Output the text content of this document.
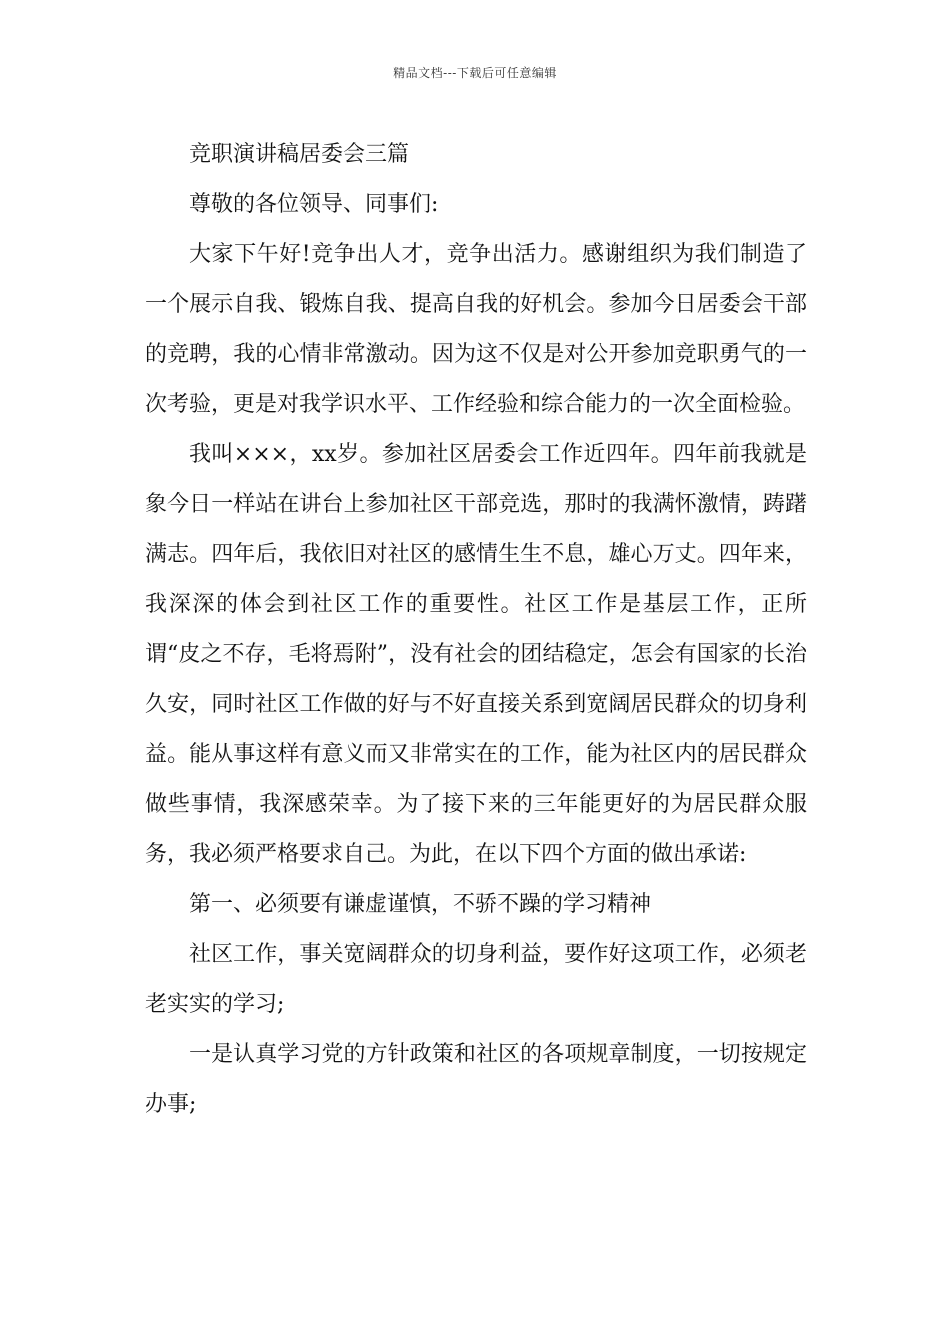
精品文档---下载后可任意编辑

竞职演讲稿居委会三篇

尊敬的各位领导、同事们:

大家下午好!竞争出人才，竞争出活力。感谢组织为我们制造了一个展示自我、锻炼自我、提高自我的好机会。参加今日居委会干部的竞聘，我的心情非常激动。因为这不仅是对公开参加竞职勇气的一次考验，更是对我学识水平、工作经验和综合能力的一次全面检验。

我叫×××，xx岁。参加社区居委会工作近四年。四年前我就是象今日一样站在讲台上参加社区干部竞选，那时的我满怀激情，踌躇满志。四年后，我依旧对社区的感情生生不息，雄心万丈。四年来，我深深的体会到社区工作的重要性。社区工作是基层工作，正所谓“皮之不存，毛将焉附”，没有社会的团结稳定，怎会有国家的长治久安，同时社区工作做的好与不好直接关系到宽阔居民群众的切身利益。能从事这样有意义而又非常实在的工作，能为社区内的居民群众做些事情，我深感荣幸。为了接下来的三年能更好的为居民群众服务，我必须严格要求自己。为此，在以下四个方面的做出承诺:

第一、必须要有谦虚谨慎，不骄不躁的学习精神

社区工作，事关宽阔群众的切身利益，要作好这项工作，必须老老实实的学习;

一是认真学习党的方针政策和社区的各项规章制度，一切按规定办事;
